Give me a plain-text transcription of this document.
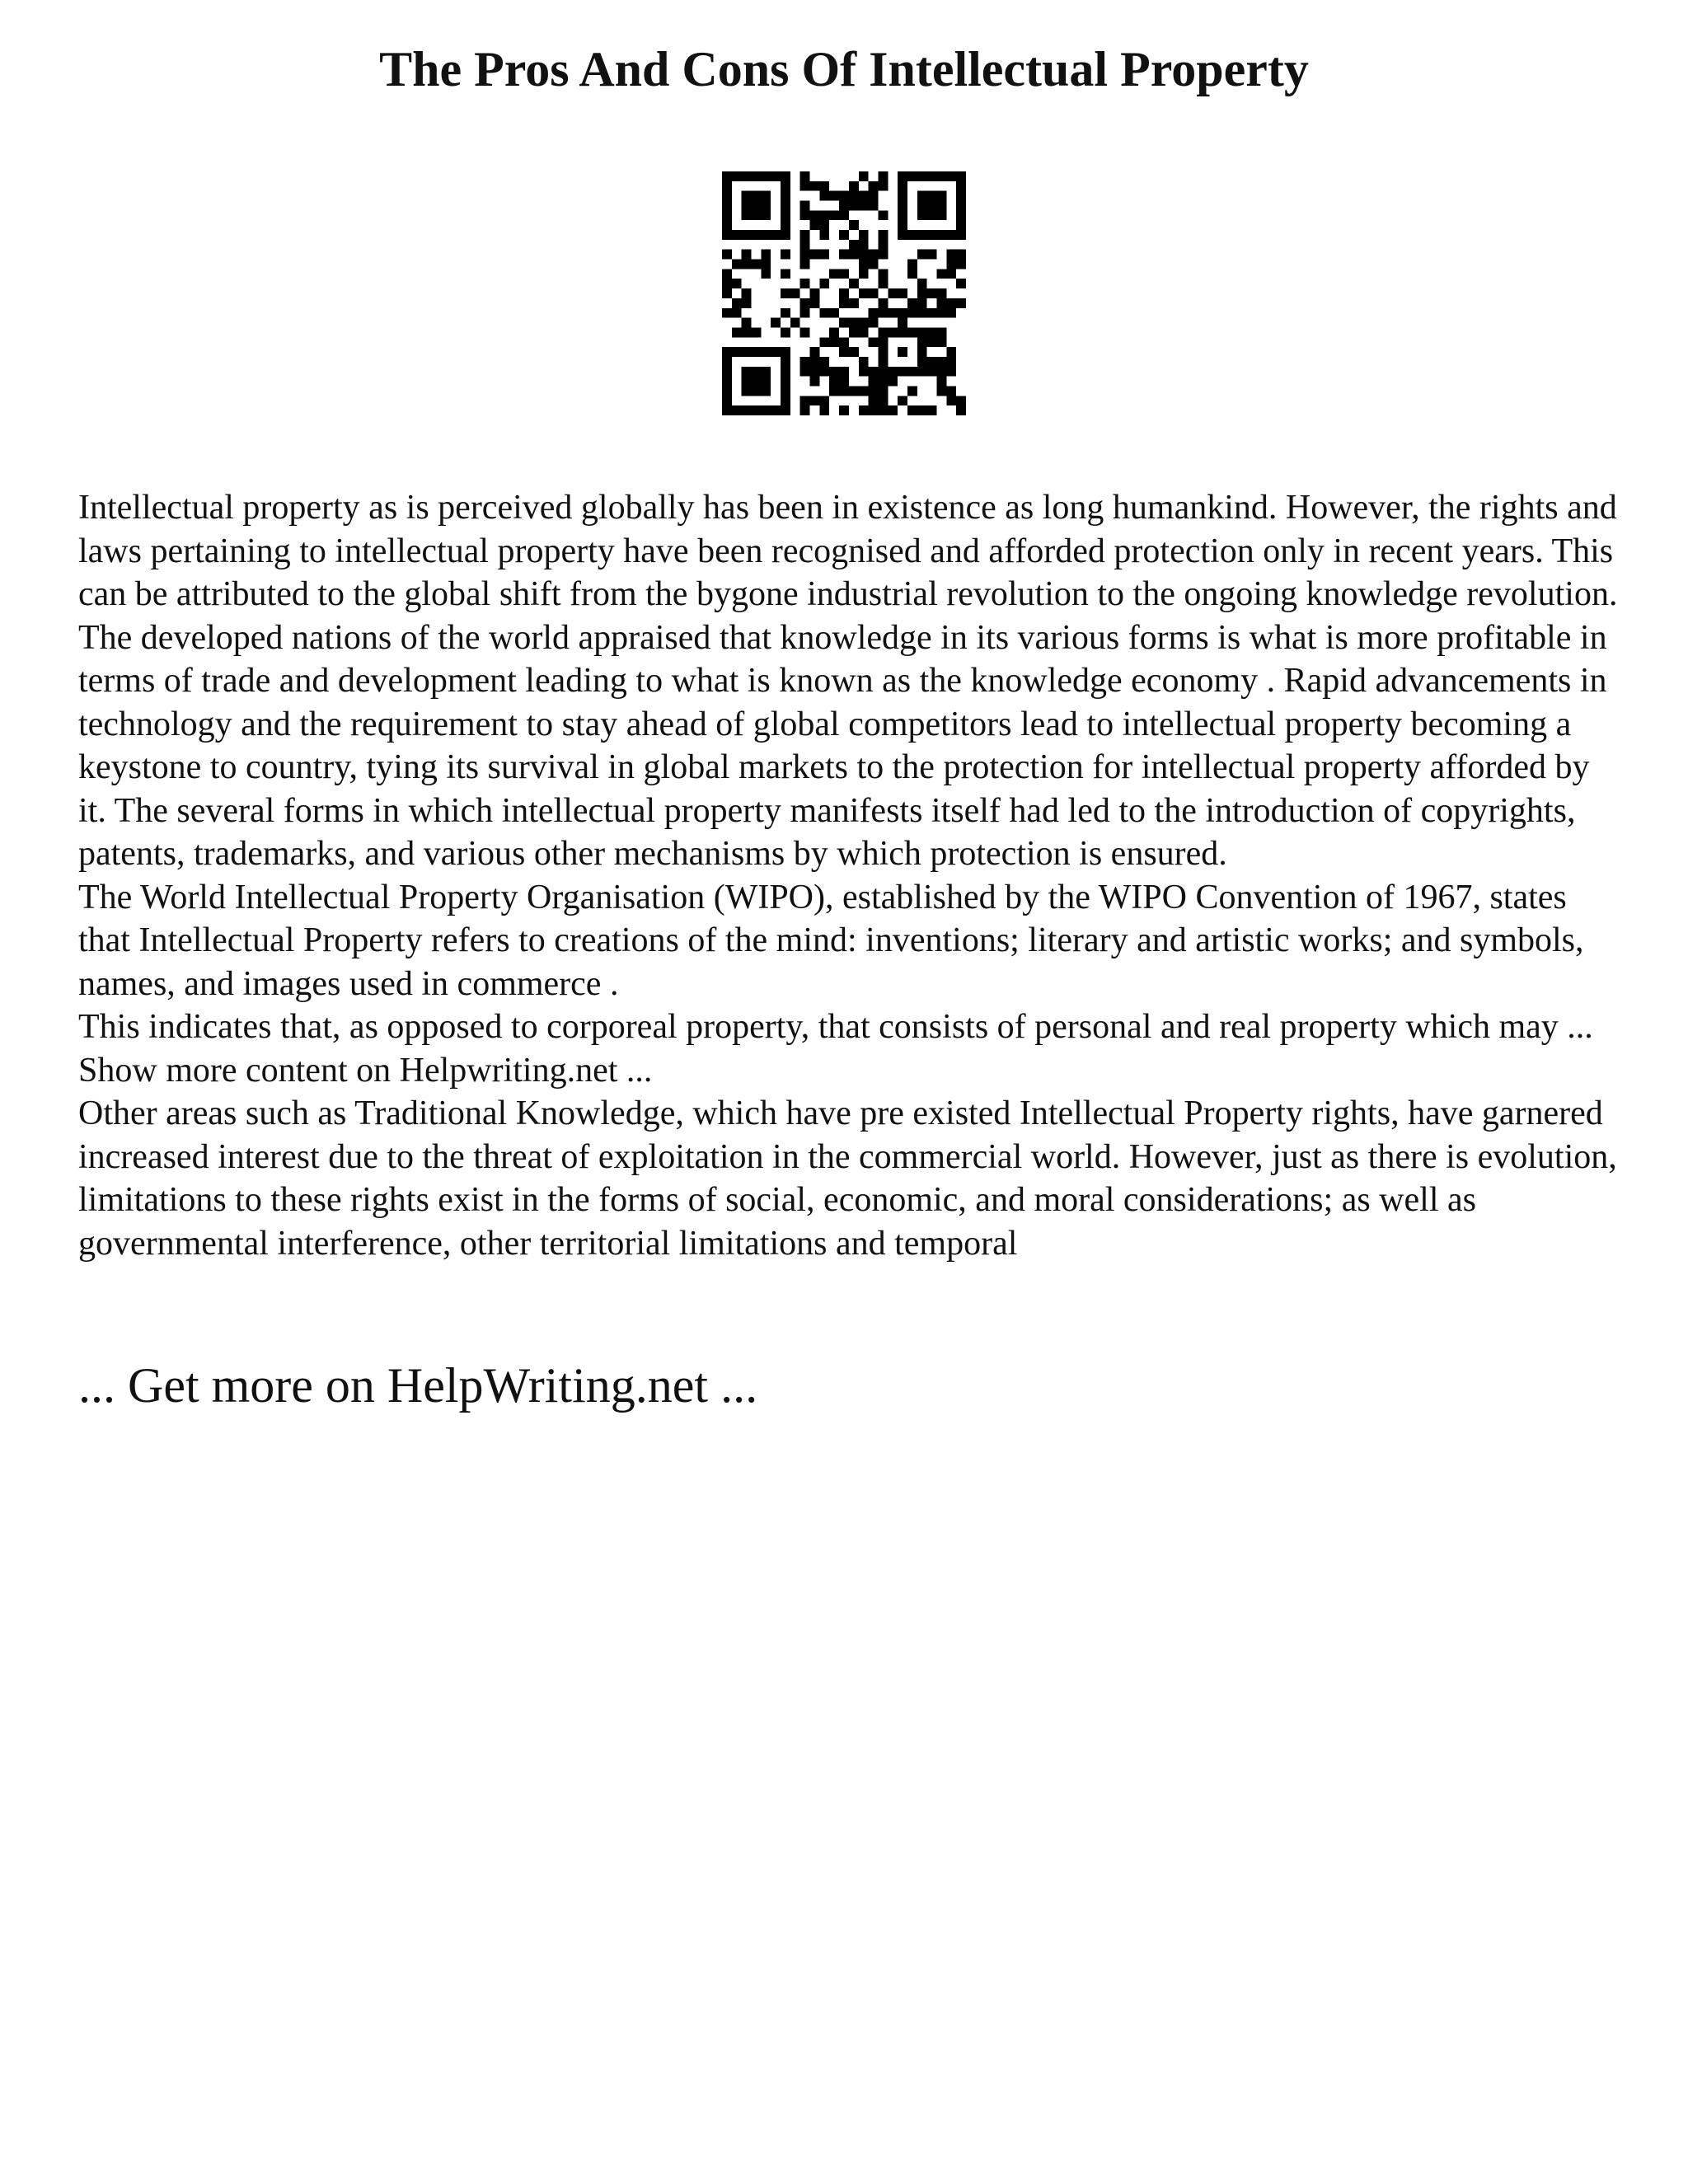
The Pros And Cons Of Intellectual Property

Intellectual property as is perceived globally has been in existence as long humankind. However, the rights and laws pertaining to intellectual property have been recognised and afforded protection only in recent years. This can be attributed to the global shift from the bygone industrial revolution to the ongoing knowledge revolution. The developed nations of the world appraised that knowledge in its various forms is what is more profitable in terms of trade and development leading to what is known as the knowledge economy . Rapid advancements in technology and the requirement to stay ahead of global competitors lead to intellectual property becoming a keystone to country, tying its survival in global markets to the protection for intellectual property afforded by it. The several forms in which intellectual property manifests itself had led to the introduction of copyrights, patents, trademarks, and various other mechanisms by which protection is ensured.

The World Intellectual Property Organisation (WIPO), established by the WIPO Convention of 1967, states that Intellectual Property refers to creations of the mind: inventions; literary and artistic works; and symbols, names, and images used in commerce .

This indicates that, as opposed to corporeal property, that consists of personal and real property which may ... Show more content on Helpwriting.net ...

Other areas such as Traditional Knowledge, which have pre existed Intellectual Property rights, have garnered increased interest due to the threat of exploitation in the commercial world. However, just as there is evolution, limitations to these rights exist in the forms of social, economic, and moral considerations; as well as governmental interference, other territorial limitations and temporal

... Get more on HelpWriting.net ...
